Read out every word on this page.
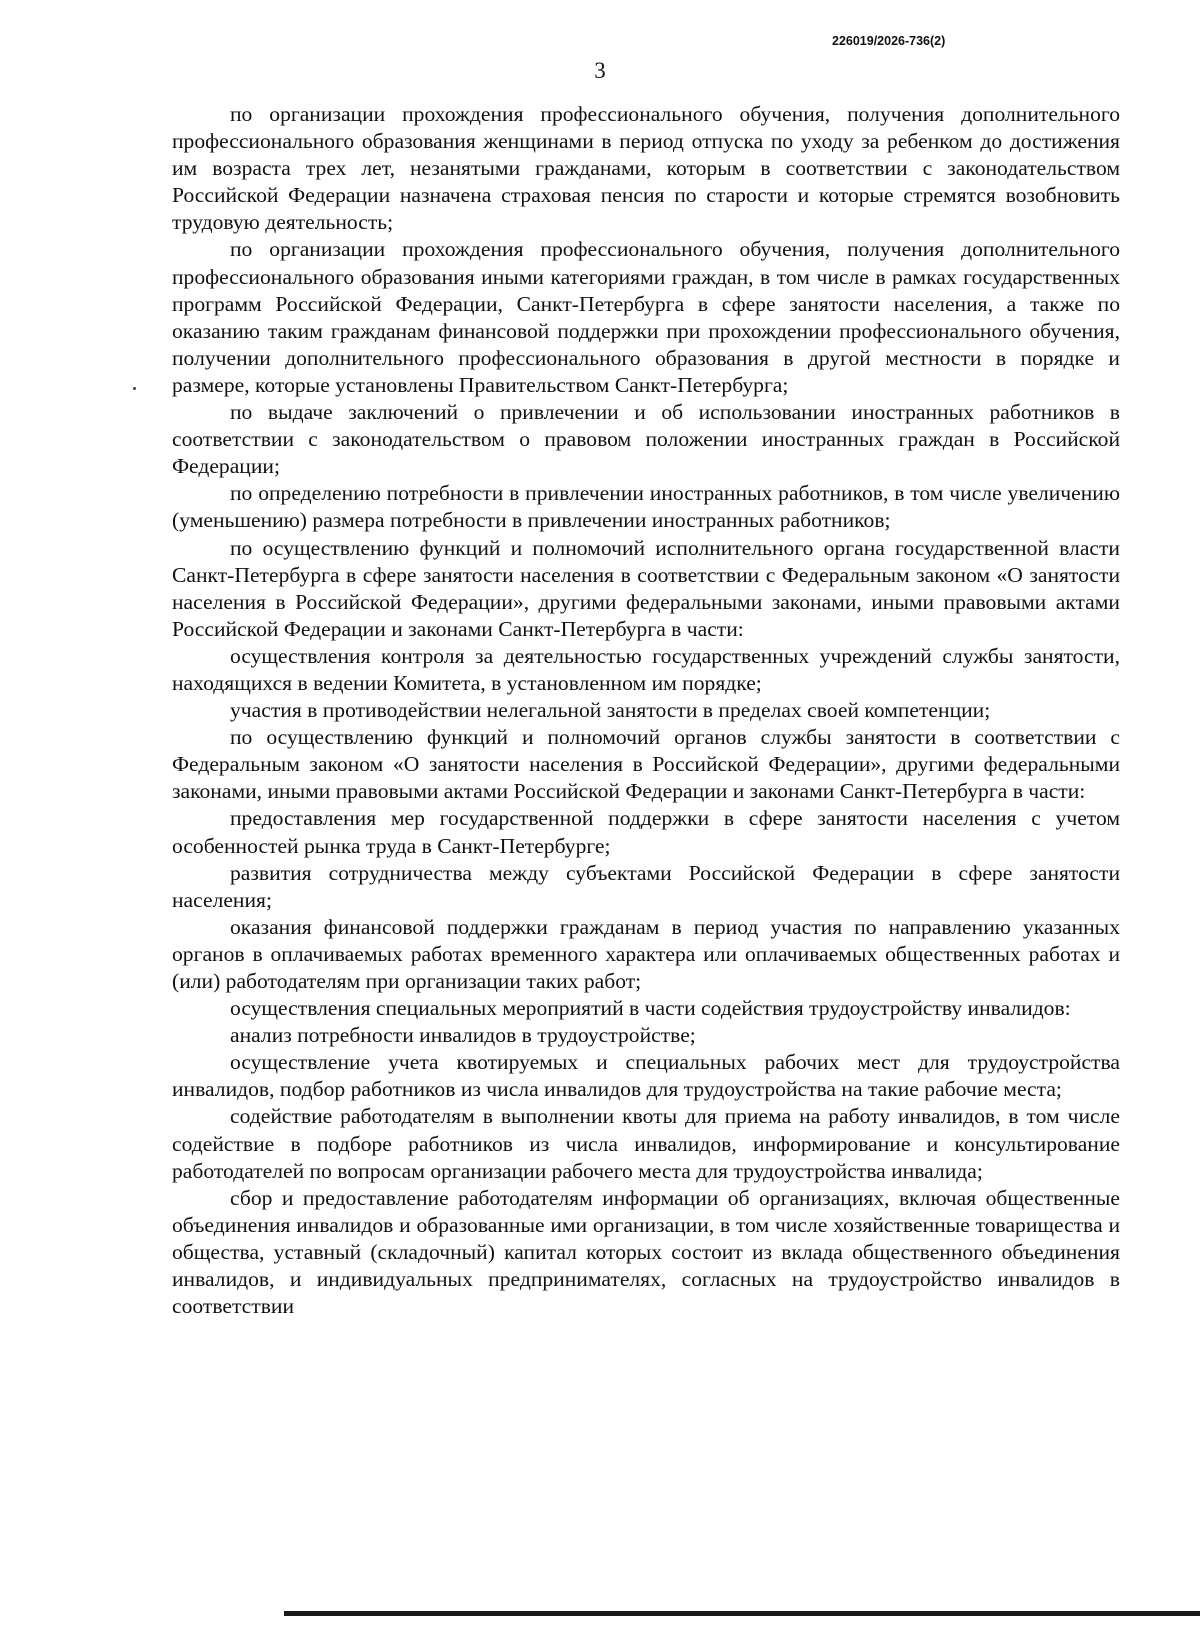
226019/2026-736(2)
3

по организации прохождения профессионального обучения, получения дополнительного профессионального образования женщинами в период отпуска по уходу за ребенком до достижения им возраста трех лет, незанятыми гражданами, которым в соответствии с законодательством Российской Федерации назначена страховая пенсия по старости и которые стремятся возобновить трудовую деятельность;

по организации прохождения профессионального обучения, получения дополнительного профессионального образования иными категориями граждан, в том числе в рамках государственных программ Российской Федерации, Санкт-Петербурга в сфере занятости населения, а также по оказанию таким гражданам финансовой поддержки при прохождении профессионального обучения, получении дополнительного профессионального образования в другой местности в порядке и размере, которые установлены Правительством Санкт-Петербурга;

по выдаче заключений о привлечении и об использовании иностранных работников в соответствии с законодательством о правовом положении иностранных граждан в Российской Федерации;

по определению потребности в привлечении иностранных работников, в том числе увеличению (уменьшению) размера потребности в привлечении иностранных работников;

по осуществлению функций и полномочий исполнительного органа государственной власти Санкт-Петербурга в сфере занятости населения в соответствии с Федеральным законом «О занятости населения в Российской Федерации», другими федеральными законами, иными правовыми актами Российской Федерации и законами Санкт-Петербурга в части:

осуществления контроля за деятельностью государственных учреждений службы занятости, находящихся в ведении Комитета, в установленном им порядке;

участия в противодействии нелегальной занятости в пределах своей компетенции;

по осуществлению функций и полномочий органов службы занятости в соответствии с Федеральным законом «О занятости населения в Российской Федерации», другими федеральными законами, иными правовыми актами Российской Федерации и законами Санкт-Петербурга в части:

предоставления мер государственной поддержки в сфере занятости населения с учетом особенностей рынка труда в Санкт-Петербурге;

развития сотрудничества между субъектами Российской Федерации в сфере занятости населения;

оказания финансовой поддержки гражданам в период участия по направлению указанных органов в оплачиваемых работах временного характера или оплачиваемых общественных работах и (или) работодателям при организации таких работ;

осуществления специальных мероприятий в части содействия трудоустройству инвалидов:

анализ потребности инвалидов в трудоустройстве;

осуществление учета квотируемых и специальных рабочих мест для трудоустройства инвалидов, подбор работников из числа инвалидов для трудоустройства на такие рабочие места;

содействие работодателям в выполнении квоты для приема на работу инвалидов, в том числе содействие в подборе работников из числа инвалидов, информирование и консультирование работодателей по вопросам организации рабочего места для трудоустройства инвалида;

сбор и предоставление работодателям информации об организациях, включая общественные объединения инвалидов и образованные ими организации, в том числе хозяйственные товарищества и общества, уставный (складочный) капитал которых состоит из вклада общественного объединения инвалидов, и индивидуальных предпринимателях, согласных на трудоустройство инвалидов в соответствии
